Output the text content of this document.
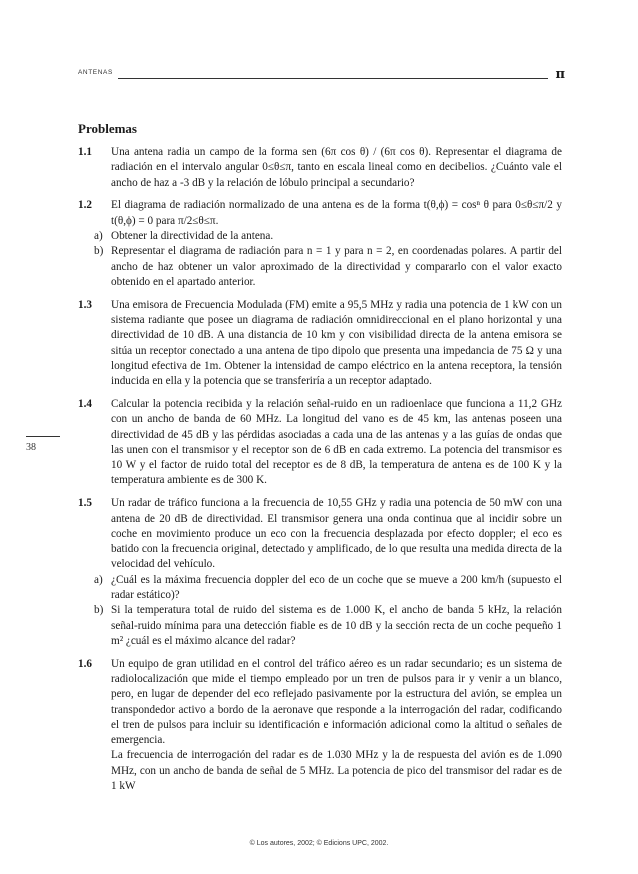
ANTENAS	π
38
Problemas
1.1	Una antena radia un campo de la forma sen (6π cos θ) / (6π cos θ). Representar el diagrama de radiación en el intervalo angular 0≤θ≤π, tanto en escala lineal como en decibelios. ¿Cuánto vale el ancho de haz a -3 dB y la relación de lóbulo principal a secundario?
1.2	El diagrama de radiación normalizado de una antena es de la forma t(θ,ϕ) = cosⁿ θ para 0≤θ≤π/2 y t(θ,ϕ) = 0 para π/2≤θ≤π.
a) Obtener la directividad de la antena.
b) Representar el diagrama de radiación para n = 1 y para n = 2, en coordenadas polares. A partir del ancho de haz obtener un valor aproximado de la directividad y compararlo con el valor exacto obtenido en el apartado anterior.
1.3	Una emisora de Frecuencia Modulada (FM) emite a 95,5 MHz y radia una potencia de 1 kW con un sistema radiante que posee un diagrama de radiación omnidireccional en el plano horizontal y una directividad de 10 dB. A una distancia de 10 km y con visibilidad directa de la antena emisora se sitúa un receptor conectado a una antena de tipo dipolo que presenta una impedancia de 75 Ω y una longitud efectiva de 1m. Obtener la intensidad de campo eléctrico en la antena receptora, la tensión inducida en ella y la potencia que se transferiría a un receptor adaptado.
1.4	Calcular la potencia recibida y la relación señal-ruido en un radioenlace que funciona a 11,2 GHz con un ancho de banda de 60 MHz. La longitud del vano es de 45 km, las antenas poseen una directividad de 45 dB y las pérdidas asociadas a cada una de las antenas y a las guías de ondas que las unen con el transmisor y el receptor son de 6 dB en cada extremo. La potencia del transmisor es 10 W y el factor de ruido total del receptor es de 8 dB, la temperatura de antena es de 100 K y la temperatura ambiente es de 300 K.
1.5	Un radar de tráfico funciona a la frecuencia de 10,55 GHz y radia una potencia de 50 mW con una antena de 20 dB de directividad. El transmisor genera una onda continua que al incidir sobre un coche en movimiento produce un eco con la frecuencia desplazada por efecto doppler; el eco es batido con la frecuencia original, detectado y amplificado, de lo que resulta una medida directa de la velocidad del vehículo.
a) ¿Cuál es la máxima frecuencia doppler del eco de un coche que se mueve a 200 km/h (supuesto el radar estático)?
b) Si la temperatura total de ruido del sistema es de 1.000 K, el ancho de banda 5 kHz, la relación señal-ruido mínima para una detección fiable es de 10 dB y la sección recta de un coche pequeño 1 m² ¿cuál es el máximo alcance del radar?
1.6	Un equipo de gran utilidad en el control del tráfico aéreo es un radar secundario; es un sistema de radiolocalización que mide el tiempo empleado por un tren de pulsos para ir y venir a un blanco, pero, en lugar de depender del eco reflejado pasivamente por la estructura del avión, se emplea un transpondedor activo a bordo de la aeronave que responde a la interrogación del radar, codificando el tren de pulsos para incluir su identificación e información adicional como la altitud o señales de emergencia.
La frecuencia de interrogación del radar es de 1.030 MHz y la de respuesta del avión es de 1.090 MHz, con un ancho de banda de señal de 5 MHz. La potencia de pico del transmisor del radar es de 1 kW
© Los autores, 2002; © Edicions UPC, 2002.
